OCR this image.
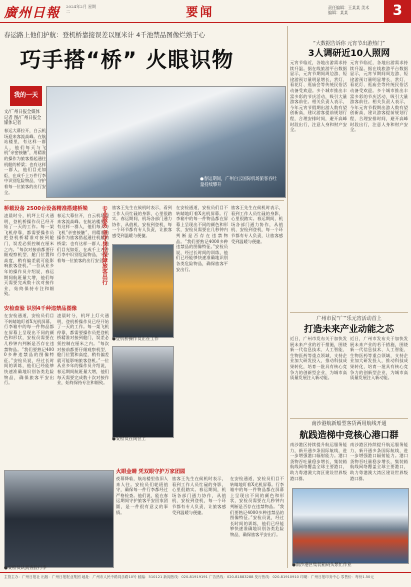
廣州日報 2024年2月 星期二	要闻	责任编辑：王某某 美术编辑：某某	3
春运路上他们护航：登机桥靠接误差以厘米计 4千池禁品图像烂熟于心
巧手搭“桥” 火眼识物
我的一天
●春运期间，广州白云国际机场旅客吞吐量持续攀升
文/广州日报全媒体记者 图/广州日报全媒体记者
春运大幕拉开，白云机场迎来客流高峰。在航站楼里，有这样一群人，他们每天与飞机“亲密接触”，用精准的操作为旅客搭起通往机舱的桥梁；也有这样一群人，他们目光如炬，在成千上万件行李中识别危险物品，守护着每一位旅客的出行安全。
桥载设备 2500台设备精准搭建桥梁
凌晨时分，机坪上灯火通明，登机桥操作员已经开始了一天的工作。每一架飞机停靠，都需要操作员把登机桥精准对接到舱门，误差必须控制在厘米之内。“每次对接前都要仔细观察机型、舱门位置和高度，稍有偏差就可能影响旅客登机。”一位从业多年的操作员介绍说，春运期间航班量大增，他们每天需要完成数十次对接作业，始终保持专注和细致。
春运大幕拉开，白云机场迎来客流高峰。在航站楼里，有这样一群人，他们每天与飞机“亲密接触”，用精准的操作为旅客搭起通往机舱的桥梁；也有这样一群人，他们目光如炬，在成千上万件行李中识别危险物品，守护着每一位旅客的出行安全。
安检查验 识别4千种违禁品图像
在安检通道，安检员们目不转睛地盯着X光机屏幕。行李箱中的每一件物品都在屏幕上呈现出不同的颜色和形状，安检员需要在几秒钟内判断是否存在违禁物品。“我们要熟记4000多种违禁品的图像特征。”安检员说，经过长时间的训练，他们已经能够快速准确地识别各类危险物品，确保旅客平安出行。
凌晨时分，机坪上灯火通明，登机桥操作员已经开始了一天的工作。每一架飞机停靠，都需要操作员把登机桥精准对接到舱门，误差必须控制在厘米之内。“每次对接前都要仔细观察机型、舱门位置和高度，稍有偏差就可能影响旅客登机。”一位从业多年的操作员介绍说，春运期间航班量大增，他们每天需要完成数十次对接作业，始终保持专注和细致。
专业服务 坚守岗位保障旅客出行 旅客王先生在候机时表示，看到工作人员忙碌的身影，心里很踏实。春运期间，机场各部门通力协作，从值机、安检到登机，每一个环节都有专人负责，让旅客感受到温暖与便捷。
●登机桥操作员正在工作
●安检员在岗位上
在安检通道，安检员们目不转睛地盯着X光机屏幕。行李箱中的每一件物品都在屏幕上呈现出不同的颜色和形状，安检员需要在几秒钟内判断是否存在违禁物品。“我们要熟记4000多种违禁品的图像特征。”安检员说，经过长时间的训练，他们已经能够快速准确地识别各类危险物品，确保旅客平安出行。
旅客王先生在候机时表示，看到工作人员忙碌的身影，心里很踏实。春运期间，机场各部门通力协作，从值机、安检到登机，每一个环节都有专人负责，让旅客感受到温暖与便捷。
●安检员认真查验行李
火眼金睛 凭双眼守护万家团圆
夜幕降临，航站楼里依旧人来人往。安检员们轮班值守，确保每一件行李都经过严格检查。他们说，能在春运期间守护旅客平安回家团圆，是一件很有意义的事情。
旅客王先生在候机时表示，看到工作人员忙碌的身影，心里很踏实。春运期间，机场各部门通力协作，从值机、安检到登机，每一个环节都有专人负责，让旅客感受到温暖与便捷。
在安检通道，安检员们目不转睛地盯着X光机屏幕。行李箱中的每一件物品都在屏幕上呈现出不同的颜色和形状，安检员需要在几秒钟内判断是否存在违禁物品。“我们要熟记4000多种违禁品的图像特征。”安检员说，经过长时间的训练，他们已经能够快速准确地识别各类危险物品，确保旅客平安出行。
“大数据告诉你 元宵节出游热门”
3人调研近10人照网
元宵节临近，各地出游需求持续升温。据在线旅游平台数据显示，元宵节期间周边游、短途游预订量明显增长，赏灯、看花灯、逛庙会等传统民俗活动备受欢迎。多个城市推出丰富多彩的节庆活动，吸引大量游客前往。相关负责人表示，今年元宵节假期出游人数有望创新高，建议游客提前规划行程，合理安排时间，避开高峰时段出行，注意人身和财产安全。
元宵节临近，各地出游需求持续升温。据在线旅游平台数据显示，元宵节期间周边游、短途游预订量明显增长，赏灯、看花灯、逛庙会等传统民俗活动备受欢迎。多个城市推出丰富多彩的节庆活动，吸引大量游客前往。相关负责人表示，今年元宵节假期出游人数有望创新高，建议游客提前规划行程，合理安排时间，避开高峰时段出行，注意人身和财产安全。
广州市民“广”乐元宵活动首上
打造未来产业动能之芯
近日，广州市发布关于加快发展未来产业的若干措施，围绕新一代信息技术、人工智能、生物医药等重点领域，支持企业加大研发投入，推动科技成果转化，培育一批具有核心竞争力的创新型企业，为城市高质量发展注入新动能。
近日，广州市发布关于加快发展未来产业的若干措施，围绕新一代信息技术、人工智能、生物医药等重点领域，支持企业加大研发投入，推动科技成果转化，培育一批具有核心竞争力的创新型企业，为城市高质量发展注入新动能。
南沙港航新船型客货两用航线开通
航践造梯中竞核心港口群
南沙港区持续提升航运服务能力，新开通多条国际航线，进一步增强港口辐射能力。港口货物吞吐量稳步增长，集装箱航线网络覆盖全球主要港口，助力粤港澳大湾区建设世界级港口群。
南沙港区持续提升航运服务能力，新开通多条国际航线，进一步增强港口辐射能力。港口货物吞吐量稳步增长，集装箱航线网络覆盖全球主要港口，助力粤港澳大湾区建设世界级港口群。
●南沙港区集装箱码头繁忙作业
主管主办：广州日报社 出版：广州日报报业集团 地址：广州市人民中路同乐路10号 邮编：510121 新闻热线：020-81919191 广告热线：020-81883288 发行热线：020-81910910 印刷：广州日报印务中心 零售价：每份1.50元
